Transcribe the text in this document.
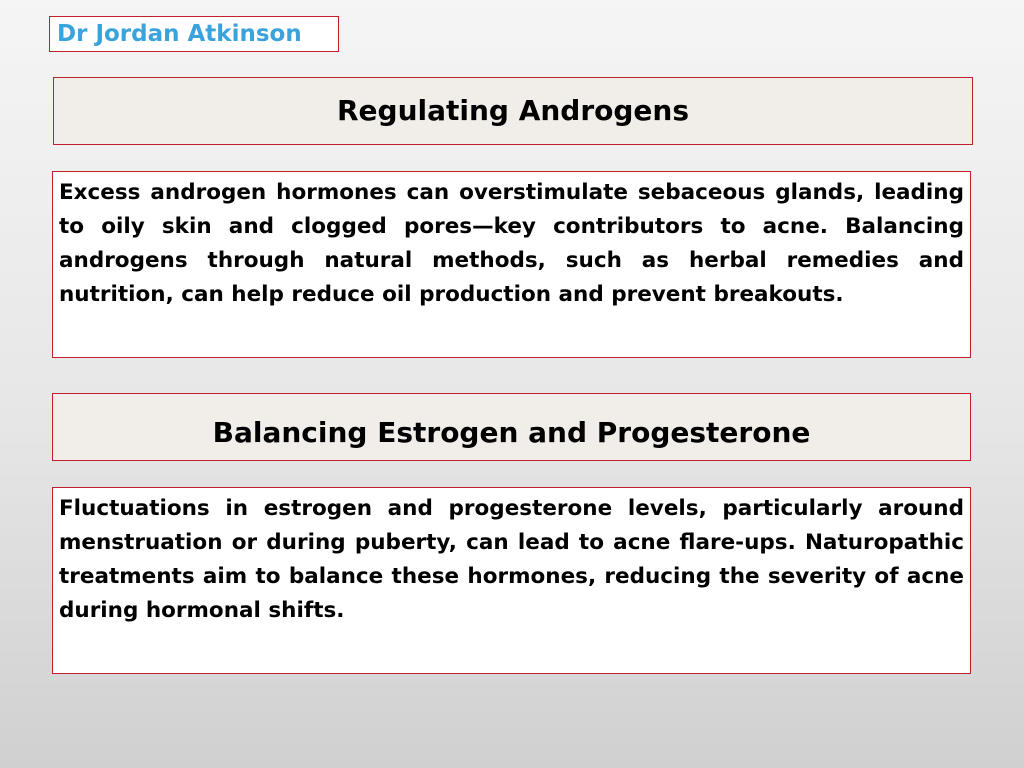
Dr Jordan Atkinson
Regulating Androgens
Excess androgen hormones can overstimulate sebaceous glands, leading to oily skin and clogged pores—key contributors to acne. Balancing androgens through natural methods, such as herbal remedies and nutrition, can help reduce oil production and prevent breakouts.
Balancing Estrogen and Progesterone
Fluctuations in estrogen and progesterone levels, particularly around menstruation or during puberty, can lead to acne flare-ups. Naturopathic treatments aim to balance these hormones, reducing the severity of acne during hormonal shifts.
